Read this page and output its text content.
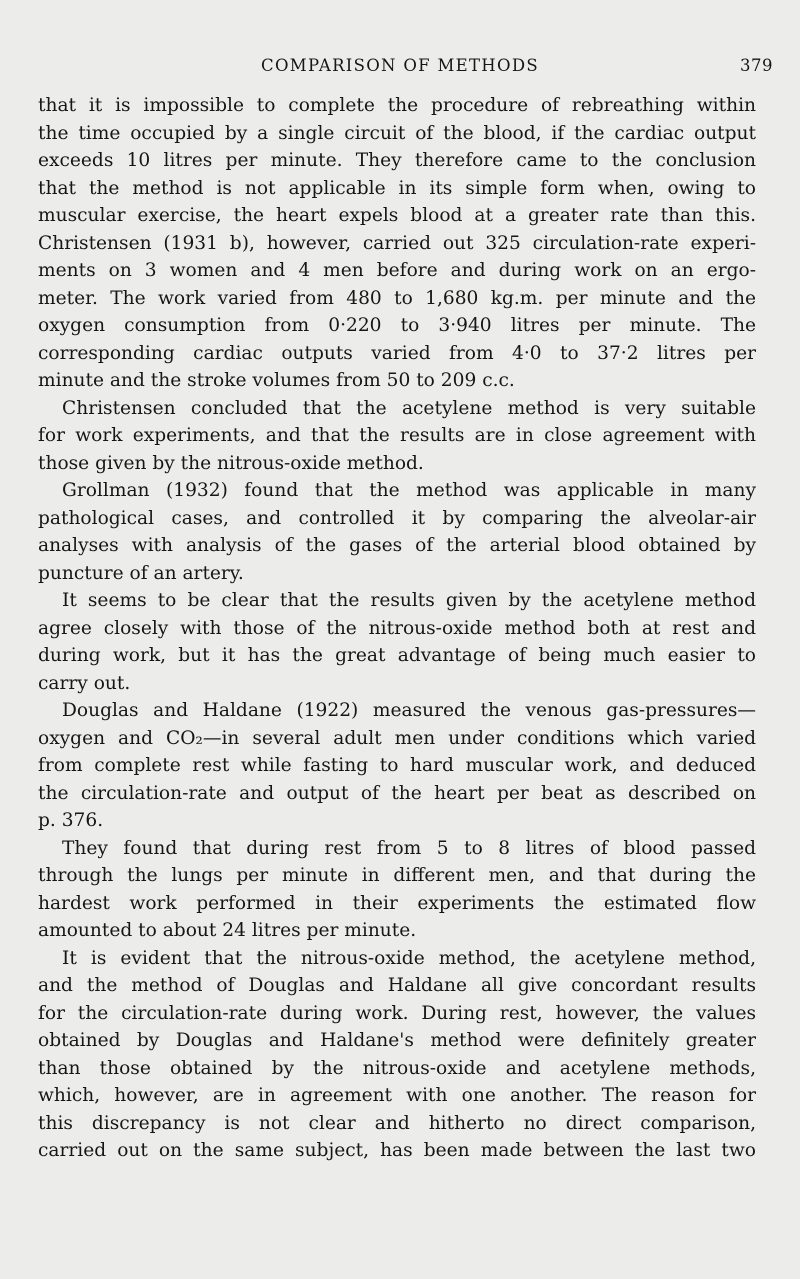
COMPARISON OF METHODS	379
that it is impossible to complete the procedure of rebreathing within
the time occupied by a single circuit of the blood, if the cardiac output
exceeds 10 litres per minute. They therefore came to the conclusion
that the method is not applicable in its simple form when, owing to
muscular exercise, the heart expels blood at a greater rate than this.
Christensen (1931 b), however, carried out 325 circulation-rate experi-
ments on 3 women and 4 men before and during work on an ergo-
meter. The work varied from 480 to 1,680 kg.m. per minute and the
oxygen consumption from 0·220 to 3·940 litres per minute. The
corresponding cardiac outputs varied from 4·0 to 37·2 litres per
minute and the stroke volumes from 50 to 209 c.c.
Christensen concluded that the acetylene method is very suitable
for work experiments, and that the results are in close agreement with
those given by the nitrous-oxide method.
Grollman (1932) found that the method was applicable in many
pathological cases, and controlled it by comparing the alveolar-air
analyses with analysis of the gases of the arterial blood obtained by
puncture of an artery.
It seems to be clear that the results given by the acetylene method
agree closely with those of the nitrous-oxide method both at rest and
during work, but it has the great advantage of being much easier to
carry out.
Douglas and Haldane (1922) measured the venous gas-pressures—
oxygen and CO₂—in several adult men under conditions which varied
from complete rest while fasting to hard muscular work, and deduced
the circulation-rate and output of the heart per beat as described on
p. 376.
They found that during rest from 5 to 8 litres of blood passed
through the lungs per minute in different men, and that during the
hardest work performed in their experiments the estimated flow
amounted to about 24 litres per minute.
It is evident that the nitrous-oxide method, the acetylene method,
and the method of Douglas and Haldane all give concordant results
for the circulation-rate during work. During rest, however, the values
obtained by Douglas and Haldane's method were definitely greater
than those obtained by the nitrous-oxide and acetylene methods,
which, however, are in agreement with one another. The reason for
this discrepancy is not clear and hitherto no direct comparison,
carried out on the same subject, has been made between the last two
